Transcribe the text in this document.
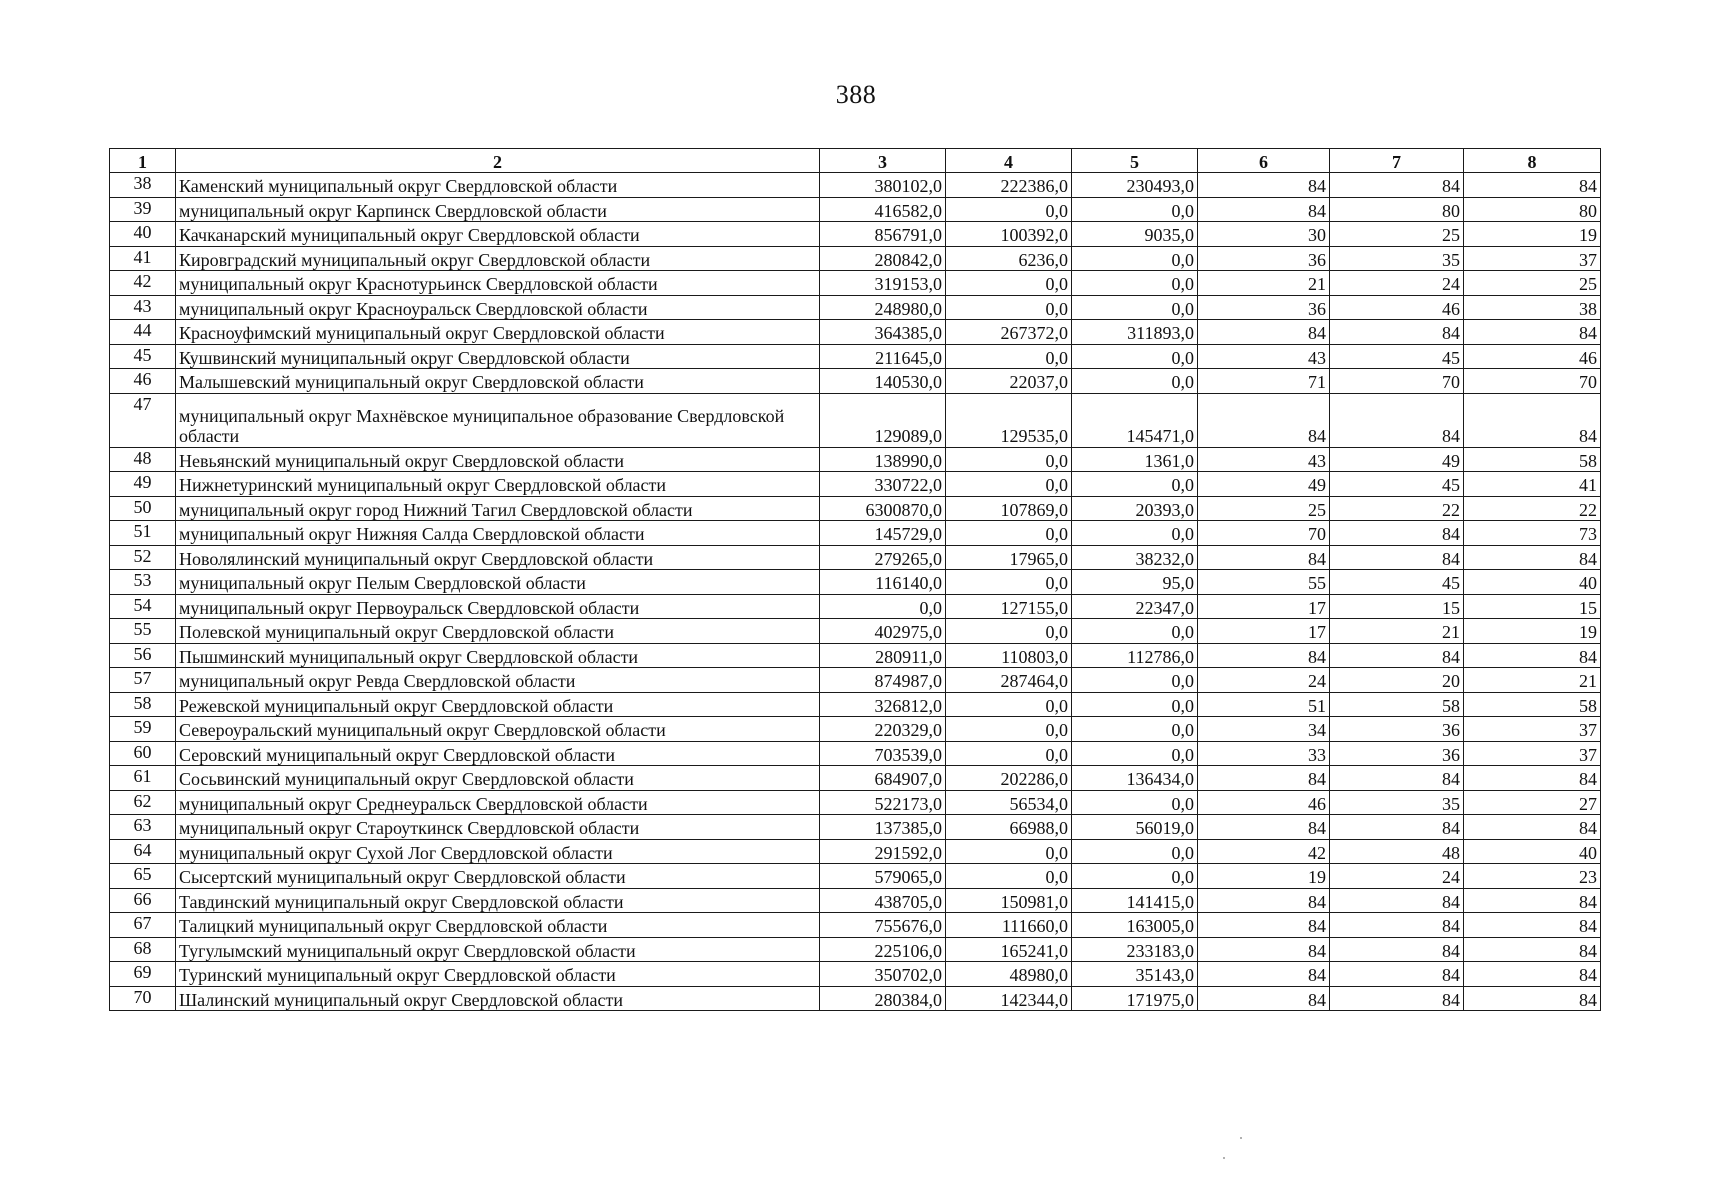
388
1	2	3	4	5	6	7	8
38	Каменский муниципальный округ Свердловской области	380102,0	222386,0	230493,0	84	84	84
39	муниципальный округ Карпинск Свердловской области	416582,0	0,0	0,0	84	80	80
40	Качканарский муниципальный округ Свердловской области	856791,0	100392,0	9035,0	30	25	19
41	Кировградский муниципальный округ Свердловской области	280842,0	6236,0	0,0	36	35	37
42	муниципальный округ Краснотурьинск Свердловской области	319153,0	0,0	0,0	21	24	25
43	муниципальный округ Красноуральск Свердловской области	248980,0	0,0	0,0	36	46	38
44	Красноуфимский муниципальный округ Свердловской области	364385,0	267372,0	311893,0	84	84	84
45	Кушвинский муниципальный округ Свердловской области	211645,0	0,0	0,0	43	45	46
46	Малышевский муниципальный округ Свердловской области	140530,0	22037,0	0,0	71	70	70
47	муниципальный округ Махнёвское муниципальное образование Свердловской области	129089,0	129535,0	145471,0	84	84	84
48	Невьянский муниципальный округ Свердловской области	138990,0	0,0	1361,0	43	49	58
49	Нижнетуринский муниципальный округ Свердловской области	330722,0	0,0	0,0	49	45	41
50	муниципальный округ город Нижний Тагил Свердловской области	6300870,0	107869,0	20393,0	25	22	22
51	муниципальный округ Нижняя Салда Свердловской области	145729,0	0,0	0,0	70	84	73
52	Новолялинский муниципальный округ Свердловской области	279265,0	17965,0	38232,0	84	84	84
53	муниципальный округ Пелым Свердловской области	116140,0	0,0	95,0	55	45	40
54	муниципальный округ Первоуральск Свердловской области	0,0	127155,0	22347,0	17	15	15
55	Полевской муниципальный округ Свердловской области	402975,0	0,0	0,0	17	21	19
56	Пышминский муниципальный округ Свердловской области	280911,0	110803,0	112786,0	84	84	84
57	муниципальный округ Ревда Свердловской области	874987,0	287464,0	0,0	24	20	21
58	Режевской муниципальный округ Свердловской области	326812,0	0,0	0,0	51	58	58
59	Североуральский муниципальный округ Свердловской области	220329,0	0,0	0,0	34	36	37
60	Серовский муниципальный округ Свердловской области	703539,0	0,0	0,0	33	36	37
61	Сосьвинский муниципальный округ Свердловской области	684907,0	202286,0	136434,0	84	84	84
62	муниципальный округ Среднеуральск Свердловской области	522173,0	56534,0	0,0	46	35	27
63	муниципальный округ Староуткинск Свердловской области	137385,0	66988,0	56019,0	84	84	84
64	муниципальный округ Сухой Лог Свердловской области	291592,0	0,0	0,0	42	48	40
65	Сысертский муниципальный округ Свердловской области	579065,0	0,0	0,0	19	24	23
66	Тавдинский муниципальный округ Свердловской области	438705,0	150981,0	141415,0	84	84	84
67	Талицкий муниципальный округ Свердловской области	755676,0	111660,0	163005,0	84	84	84
68	Тугулымский муниципальный округ Свердловской области	225106,0	165241,0	233183,0	84	84	84
69	Туринский муниципальный округ Свердловской области	350702,0	48980,0	35143,0	84	84	84
70	Шалинский муниципальный округ Свердловской области	280384,0	142344,0	171975,0	84	84	84
